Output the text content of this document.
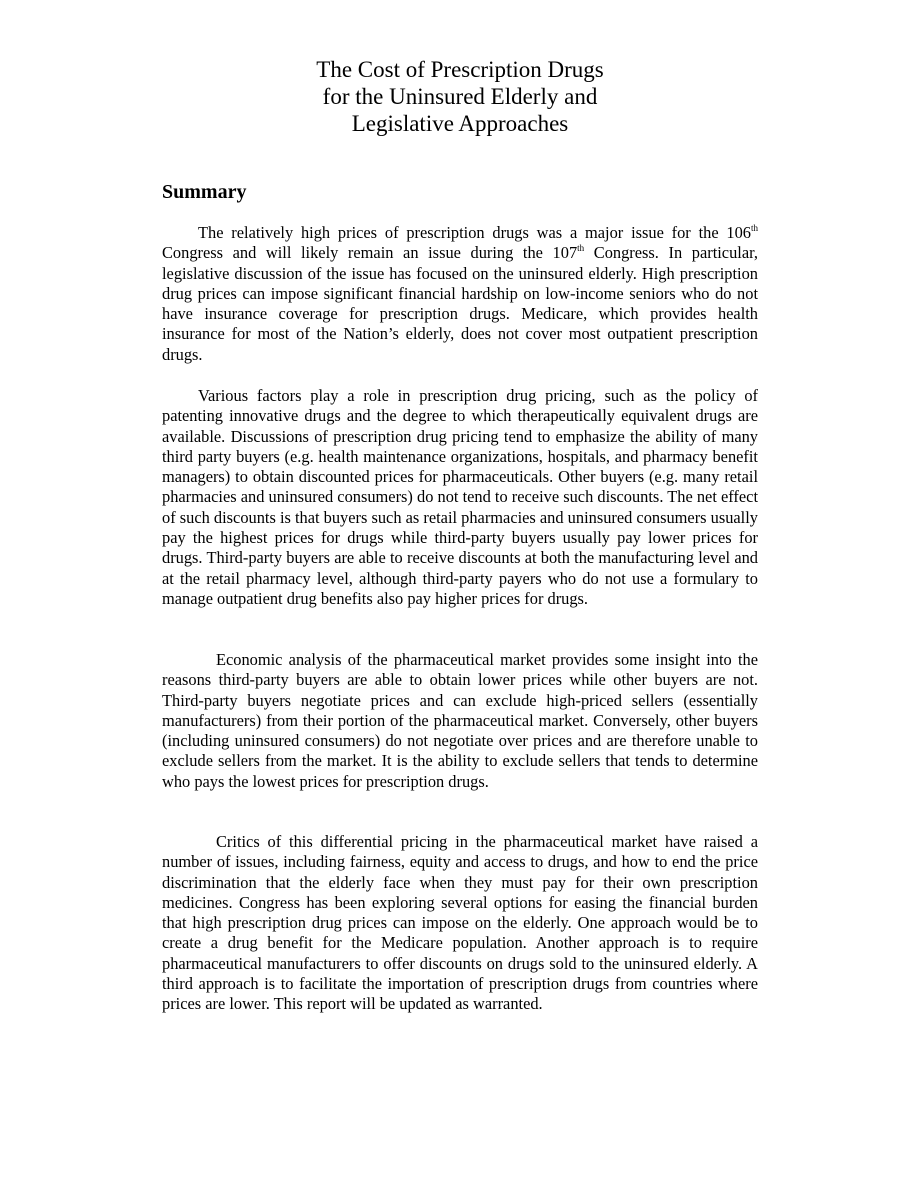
The Cost of Prescription Drugs
for the Uninsured Elderly and
Legislative Approaches
Summary

The relatively high prices of prescription drugs was a major issue for the 106th Congress and will likely remain an issue during the 107th Congress. In particular, legislative discussion of the issue has focused on the uninsured elderly. High prescription drug prices can impose significant financial hardship on low-income seniors who do not have insurance coverage for prescription drugs. Medicare, which provides health insurance for most of the Nation’s elderly, does not cover most outpatient prescription drugs.

Various factors play a role in prescription drug pricing, such as the policy of patenting innovative drugs and the degree to which therapeutically equivalent drugs are available. Discussions of prescription drug pricing tend to emphasize the ability of many third party buyers (e.g. health maintenance organizations, hospitals, and pharmacy benefit managers) to obtain discounted prices for pharmaceuticals. Other buyers (e.g. many retail pharmacies and uninsured consumers) do not tend to receive such discounts. The net effect of such discounts is that buyers such as retail pharmacies and uninsured consumers usually pay the highest prices for drugs while third-party buyers usually pay lower prices for drugs. Third-party buyers are able to receive discounts at both the manufacturing level and at the retail pharmacy level, although third-party payers who do not use a formulary to manage outpatient drug benefits also pay higher prices for drugs.

Economic analysis of the pharmaceutical market provides some insight into the reasons third-party buyers are able to obtain lower prices while other buyers are not. Third-party buyers negotiate prices and can exclude high-priced sellers (essentially manufacturers) from their portion of the pharmaceutical market. Conversely, other buyers (including uninsured consumers) do not negotiate over prices and are therefore unable to exclude sellers from the market. It is the ability to exclude sellers that tends to determine who pays the lowest prices for prescription drugs.

Critics of this differential pricing in the pharmaceutical market have raised a number of issues, including fairness, equity and access to drugs, and how to end the price discrimination that the elderly face when they must pay for their own prescription medicines. Congress has been exploring several options for easing the financial burden that high prescription drug prices can impose on the elderly. One approach would be to create a drug benefit for the Medicare population. Another approach is to require pharmaceutical manufacturers to offer discounts on drugs sold to the uninsured elderly. A third approach is to facilitate the importation of prescription drugs from countries where prices are lower. This report will be updated as warranted.
